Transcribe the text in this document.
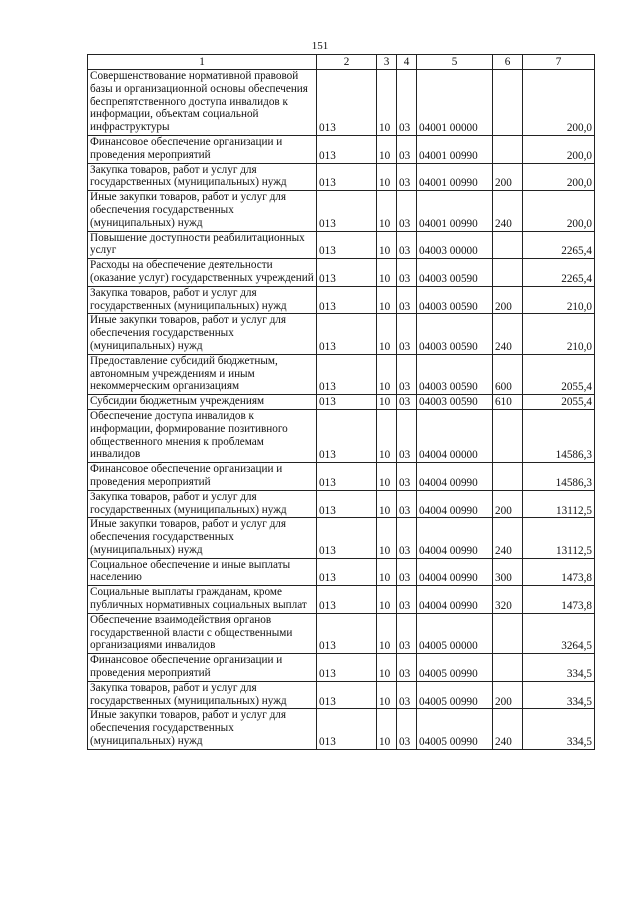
151
1	2	3	4	5	6	7
Совершенствование нормативной правовой базы и организационной основы обеспечения беспрепятственного доступа инвалидов к информации, объектам социальной инфраструктуры	013	10	03	04001 00000		200,0
Финансовое обеспечение организации и проведения мероприятий	013	10	03	04001 00990		200,0
Закупка товаров, работ и услуг для государственных (муниципальных) нужд	013	10	03	04001 00990	200	200,0
Иные закупки товаров, работ и услуг для обеспечения государственных (муниципальных) нужд	013	10	03	04001 00990	240	200,0
Повышение доступности реабилитационных услуг	013	10	03	04003 00000		2265,4
Расходы на обеспечение деятельности (оказание услуг) государственных учреждений	013	10	03	04003 00590		2265,4
Закупка товаров, работ и услуг для государственных (муниципальных) нужд	013	10	03	04003 00590	200	210,0
Иные закупки товаров, работ и услуг для обеспечения государственных (муниципальных) нужд	013	10	03	04003 00590	240	210,0
Предоставление субсидий бюджетным, автономным учреждениям и иным некоммерческим организациям	013	10	03	04003 00590	600	2055,4
Субсидии бюджетным учреждениям	013	10	03	04003 00590	610	2055,4
Обеспечение доступа инвалидов к информации, формирование позитивного общественного мнения к проблемам инвалидов	013	10	03	04004 00000		14586,3
Финансовое обеспечение организации и проведения мероприятий	013	10	03	04004 00990		14586,3
Закупка товаров, работ и услуг для государственных (муниципальных) нужд	013	10	03	04004 00990	200	13112,5
Иные закупки товаров, работ и услуг для обеспечения государственных (муниципальных) нужд	013	10	03	04004 00990	240	13112,5
Социальное обеспечение и иные выплаты населению	013	10	03	04004 00990	300	1473,8
Социальные выплаты гражданам, кроме публичных нормативных социальных выплат	013	10	03	04004 00990	320	1473,8
Обеспечение взаимодействия органов государственной власти с общественными организациями инвалидов	013	10	03	04005 00000		3264,5
Финансовое обеспечение организации и проведения мероприятий	013	10	03	04005 00990		334,5
Закупка товаров, работ и услуг для государственных (муниципальных) нужд	013	10	03	04005 00990	200	334,5
Иные закупки товаров, работ и услуг для обеспечения государственных (муниципальных) нужд	013	10	03	04005 00990	240	334,5
